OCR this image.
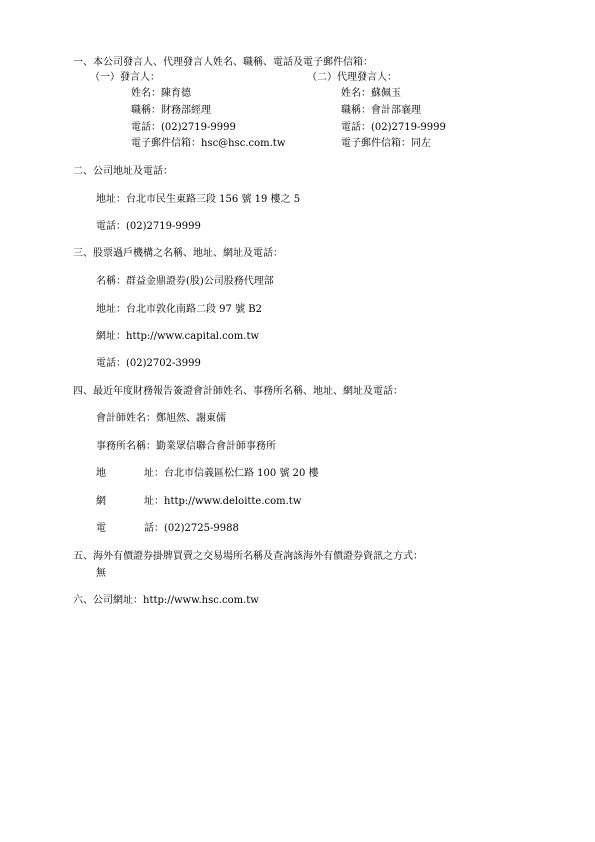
一、本公司發言人、代理發言人姓名、職稱、電話及電子郵件信箱：
（一）發言人：
姓名：陳育德
職稱：財務部經理
電話：(02)2719-9999
電子郵件信箱：hsc@hsc.com.tw
（二）代理發言人：
姓名：蘇佩玉
職稱：會計部襄理
電話：(02)2719-9999
電子郵件信箱：同左
二、公司地址及電話：
地址：台北市民生東路三段 156 號 19 樓之 5
電話：(02)2719-9999
三、股票過戶機構之名稱、地址、網址及電話：
名稱：群益金鼎證券(股)公司股務代理部
地址：台北市敦化南路二段 97 號 B2
網址：http://www.capital.com.tw
電話：(02)2702-3999
四、最近年度財務報告簽證會計師姓名、事務所名稱、地址、網址及電話：
會計師姓名：鄭旭然、謝東儒
事務所名稱：勤業眾信聯合會計師事務所
地	址：台北市信義區松仁路 100 號 20 樓
網	址：http://www.deloitte.com.tw
電	話：(02)2725-9988
五、海外有價證券掛牌買賣之交易場所名稱及查詢該海外有價證券資訊之方式：
無
六、公司網址：http://www.hsc.com.tw
